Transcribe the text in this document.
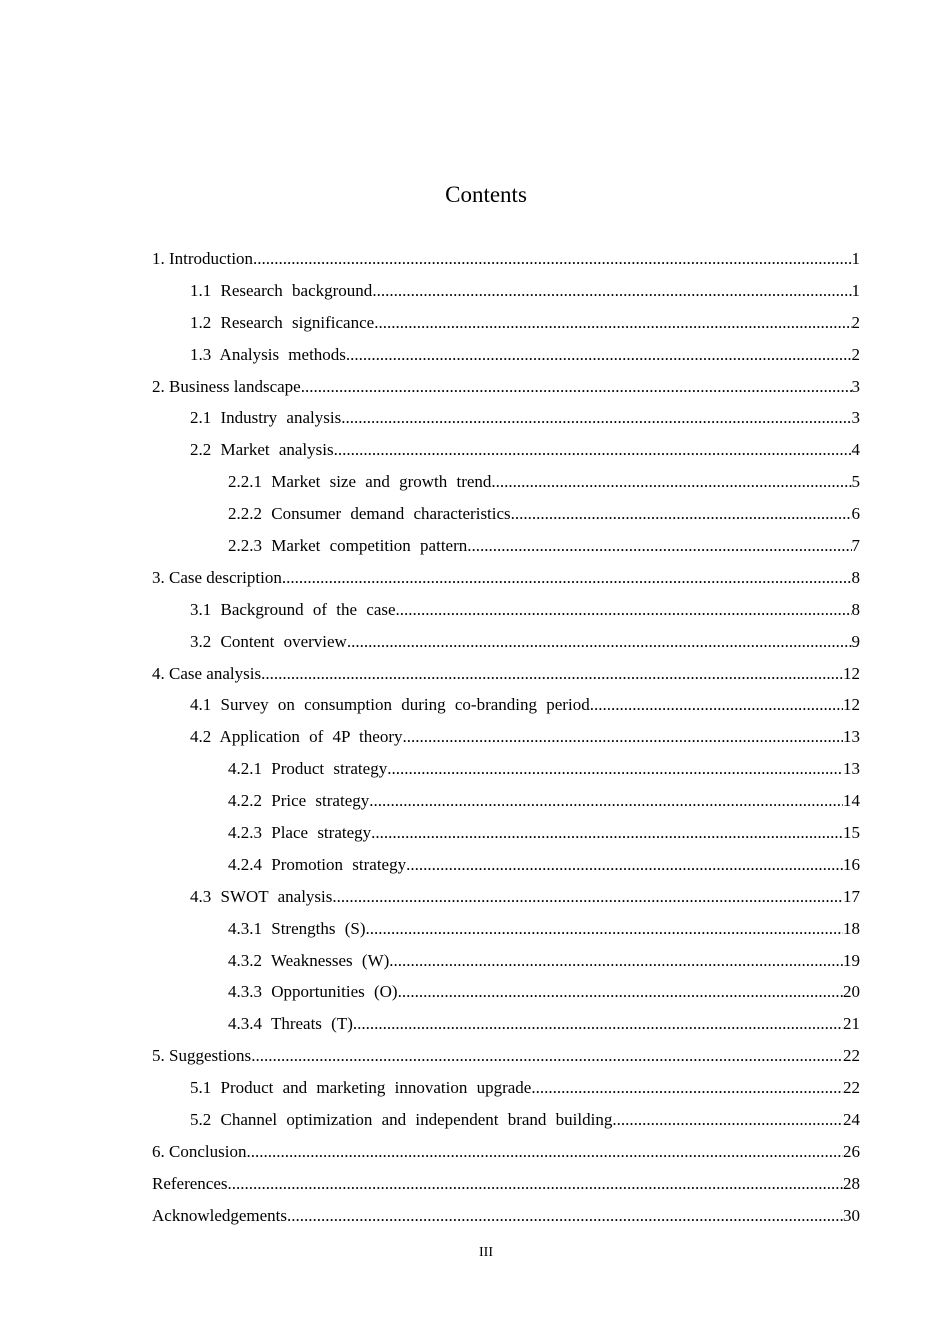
Contents
1. Introduction .....	1
1.1 Research background .....	1
1.2 Research significance .....	2
1.3 Analysis methods .....	2
2. Business landscape .....	3
2.1 Industry analysis .....	3
2.2 Market analysis .....	4
2.2.1 Market size and growth trend .....	5
2.2.2 Consumer demand characteristics .....	6
2.2.3 Market competition pattern .....	7
3. Case description .....	8
3.1 Background of the case .....	8
3.2 Content overview .....	9
4. Case analysis .....	12
4.1 Survey on consumption during co-branding period .....	12
4.2 Application of 4P theory .....	13
4.2.1 Product strategy .....	13
4.2.2 Price strategy .....	14
4.2.3 Place strategy .....	15
4.2.4 Promotion strategy .....	16
4.3 SWOT analysis .....	17
4.3.1 Strengths (S) .....	18
4.3.2 Weaknesses (W) .....	19
4.3.3 Opportunities (O) .....	20
4.3.4 Threats (T) .....	21
5. Suggestions .....	22
5.1 Product and marketing innovation upgrade .....	22
5.2 Channel optimization and independent brand building .....	24
6. Conclusion .....	26
References .....	28
Acknowledgements .....	30
III
